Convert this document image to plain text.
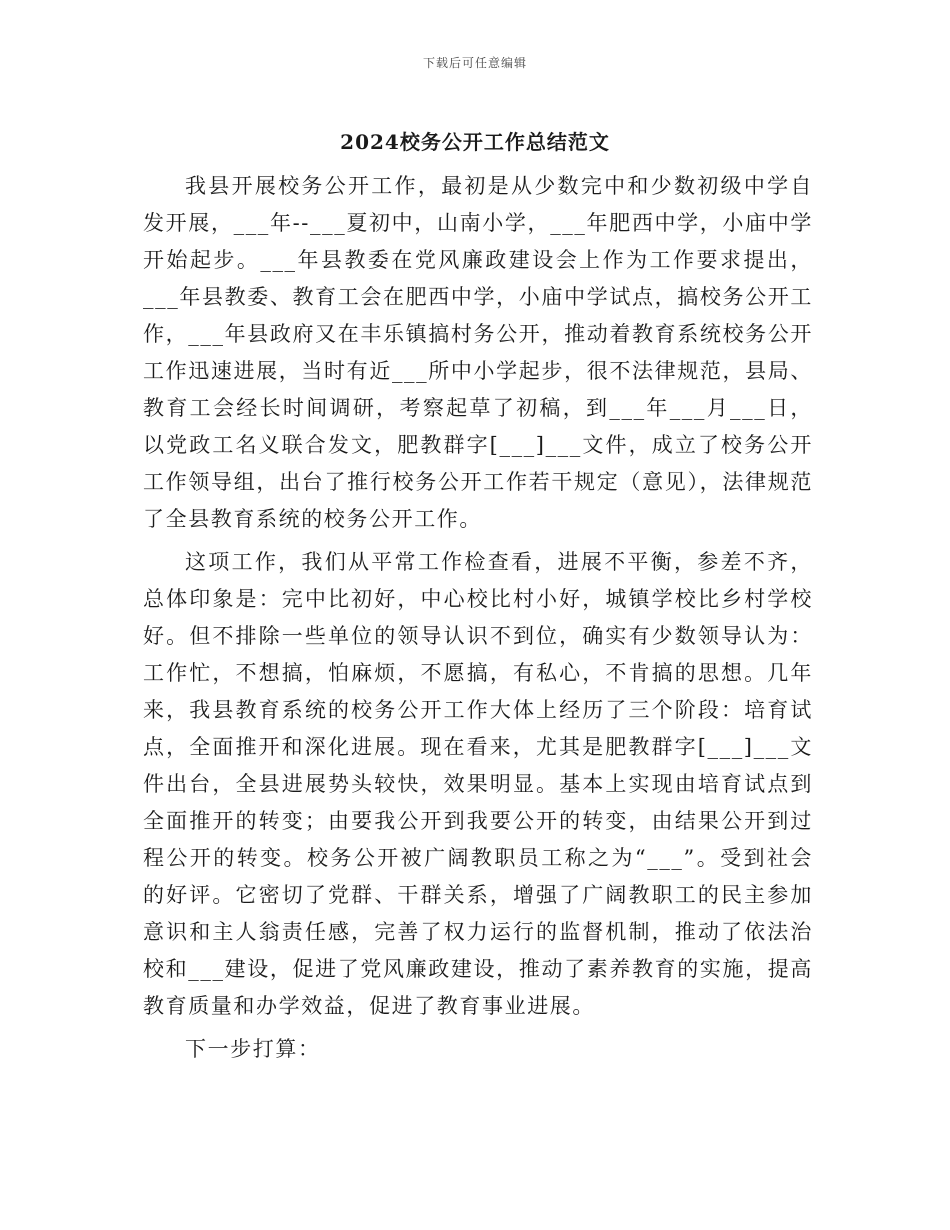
下载后可任意编辑
2024校务公开工作总结范文

我县开展校务公开工作，最初是从少数完中和少数初级中学自发开展，___年--___夏初中，山南小学，___年肥西中学，小庙中学开始起步。___年县教委在党风廉政建设会上作为工作要求提出，___年县教委、教育工会在肥西中学，小庙中学试点，搞校务公开工作，___年县政府又在丰乐镇搞村务公开，推动着教育系统校务公开工作迅速进展，当时有近___所中小学起步，很不法律规范，县局、教育工会经长时间调研，考察起草了初稿，到___年___月___日，以党政工名义联合发文，肥教群字[___]___文件，成立了校务公开工作领导组，出台了推行校务公开工作若干规定（意见），法律规范了全县教育系统的校务公开工作。

这项工作，我们从平常工作检查看，进展不平衡，参差不齐，总体印象是：完中比初好，中心校比村小好，城镇学校比乡村学校好。但不排除一些单位的领导认识不到位，确实有少数领导认为：工作忙，不想搞，怕麻烦，不愿搞，有私心，不肯搞的思想。几年来，我县教育系统的校务公开工作大体上经历了三个阶段：培育试点，全面推开和深化进展。现在看来，尤其是肥教群字[___]___文件出台，全县进展势头较快，效果明显。基本上实现由培育试点到全面推开的转变；由要我公开到我要公开的转变，由结果公开到过程公开的转变。校务公开被广阔教职员工称之为“___”。受到社会的好评。它密切了党群、干群关系，增强了广阔教职工的民主参加意识和主人翁责任感，完善了权力运行的监督机制，推动了依法治校和___建设，促进了党风廉政建设，推动了素养教育的实施，提高教育质量和办学效益，促进了教育事业进展。

下一步打算：
